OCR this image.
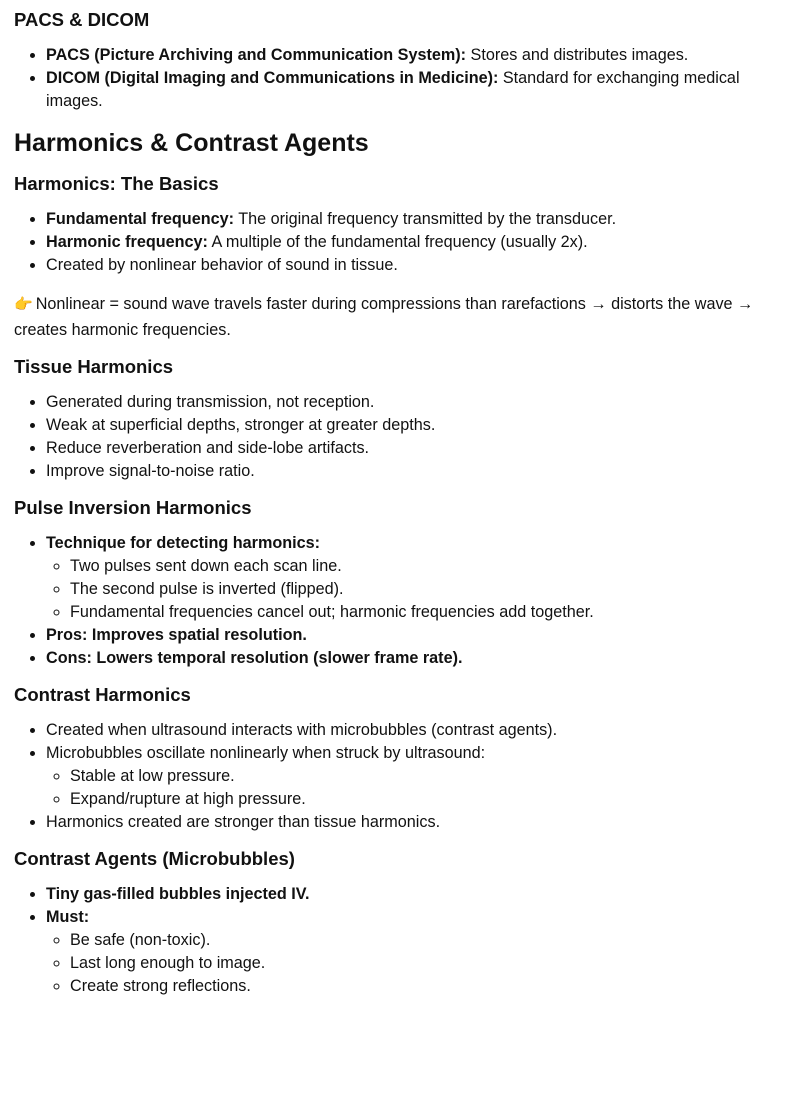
PACS & DICOM
• PACS (Picture Archiving and Communication System): Stores and distributes images.
• DICOM (Digital Imaging and Communications in Medicine): Standard for exchanging medical images.
Harmonics & Contrast Agents
Harmonics: The Basics
• Fundamental frequency: The original frequency transmitted by the transducer.
• Harmonic frequency: A multiple of the fundamental frequency (usually 2x).
• Created by nonlinear behavior of sound in tissue.

👉 Nonlinear = sound wave travels faster during compressions than rarefactions → distorts the wave → creates harmonic frequencies.

Tissue Harmonics
• Generated during transmission, not reception.
• Weak at superficial depths, stronger at greater depths.
• Reduce reverberation and side-lobe artifacts.
• Improve signal-to-noise ratio.
Pulse Inversion Harmonics
• Technique for detecting harmonics:
◦ Two pulses sent down each scan line.
◦ The second pulse is inverted (flipped).
◦ Fundamental frequencies cancel out; harmonic frequencies add together.
• Pros: Improves spatial resolution.
• Cons: Lowers temporal resolution (slower frame rate).
Contrast Harmonics
• Created when ultrasound interacts with microbubbles (contrast agents).
• Microbubbles oscillate nonlinearly when struck by ultrasound:
◦ Stable at low pressure.
◦ Expand/rupture at high pressure.
• Harmonics created are stronger than tissue harmonics.
Contrast Agents (Microbubbles)
• Tiny gas-filled bubbles injected IV.
• Must:
◦ Be safe (non-toxic).
◦ Last long enough to image.
◦ Create strong reflections.
